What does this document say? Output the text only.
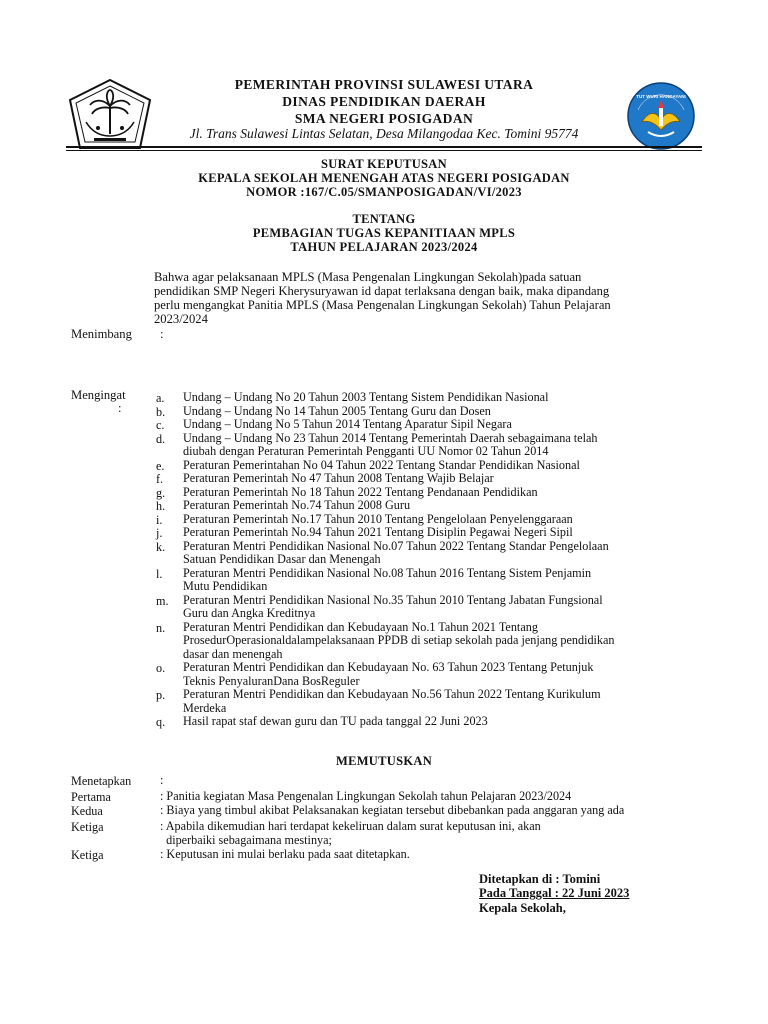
TUT WURI HANDAYANI
PEMERINTAH PROVINSI SULAWESI UTARA
DINAS PENDIDIKAN DAERAH
SMA NEGERI POSIGADAN
Jl. Trans Sulawesi Lintas Selatan, Desa Milangodaa Kec. Tomini 95774
SURAT KEPUTUSAN
KEPALA SEKOLAH MENENGAH ATAS NEGERI POSIGADAN
NOMOR :167/C.05/SMANPOSIGADAN/VI/2023
TENTANG
PEMBAGIAN TUGAS KEPANITIAAN MPLS
TAHUN PELAJARAN 2023/2024
Bahwa agar pelaksanaan MPLS (Masa Pengenalan Lingkungan Sekolah)pada satuan
pendidikan SMP Negeri Kherysuryawan id dapat terlaksana dengan baik, maka dipandang
perlu mengangkat Panitia MPLS (Masa Pengenalan Lingkungan Sekolah) Tahun Pelajaran
2023/2024
Menimbang :
Mengingat
:
a. Undang – Undang No 20 Tahun 2003 Tentang Sistem Pendidikan Nasional
b. Undang – Undang No 14 Tahun 2005 Tentang Guru dan Dosen
c. Undang – Undang No 5 Tahun 2014 Tentang Aparatur Sipil Negara
d. Undang – Undang No 23 Tahun 2014 Tentang Pemerintah Daerah sebagaimana telah
diubah dengan Peraturan Pemerintah Pengganti UU Nomor 02 Tahun 2014
e. Peraturan Pemerintahan No 04 Tahun 2022 Tentang Standar Pendidikan Nasional
f. Peraturan Pemerintah No 47 Tahun 2008 Tentang Wajib Belajar
g. Peraturan Pemerintah No 18 Tahun 2022 Tentang Pendanaan Pendidikan
h. Peraturan Pemerintah No.74 Tahun 2008 Guru
i. Peraturan Pemerintah No.17 Tahun 2010 Tentang Pengelolaan Penyelenggaraan
j. Peraturan Pemerintah No.94 Tahun 2021 Tentang Disiplin Pegawai Negeri Sipil
k. Peraturan Mentri Pendidikan Nasional No.07 Tahun 2022 Tentang Standar Pengelolaan
Satuan Pendidikan Dasar dan Menengah
l. Peraturan Mentri Pendidikan Nasional No.08 Tahun 2016 Tentang Sistem Penjamin
Mutu Pendidikan
m. Peraturan Mentri Pendidikan Nasional No.35 Tahun 2010 Tentang Jabatan Fungsional
Guru dan Angka Kreditnya
n. Peraturan Mentri Pendidikan dan Kebudayaan No.1 Tahun 2021 Tentang
ProsedurOperasionaldalampelaksanaan PPDB di setiap sekolah pada jenjang pendidikan
dasar dan menengah
o. Peraturan Mentri Pendidikan dan Kebudayaan No. 63 Tahun 2023 Tentang Petunjuk
Teknis PenyaluranDana BosReguler
p. Peraturan Mentri Pendidikan dan Kebudayaan No.56 Tahun 2022 Tentang Kurikulum
Merdeka
q. Hasil rapat staf dewan guru dan TU pada tanggal 22 Juni 2023
MEMUTUSKAN
Menetapkan :
Pertama	: Panitia kegiatan Masa Pengenalan Lingkungan Sekolah tahun Pelajaran 2023/2024
Kedua	: Biaya yang timbul akibat Pelaksanakan kegiatan tersebut dibebankan pada anggaran yang ada
Ketiga	: Apabila dikemudian hari terdapat kekeliruan dalam surat keputusan ini, akan
diperbaiki sebagaimana mestinya;
Ketiga	: Keputusan ini mulai berlaku pada saat ditetapkan.
Ditetapkan di : Tomini
Pada Tanggal : 22 Juni 2023
Kepala Sekolah,
